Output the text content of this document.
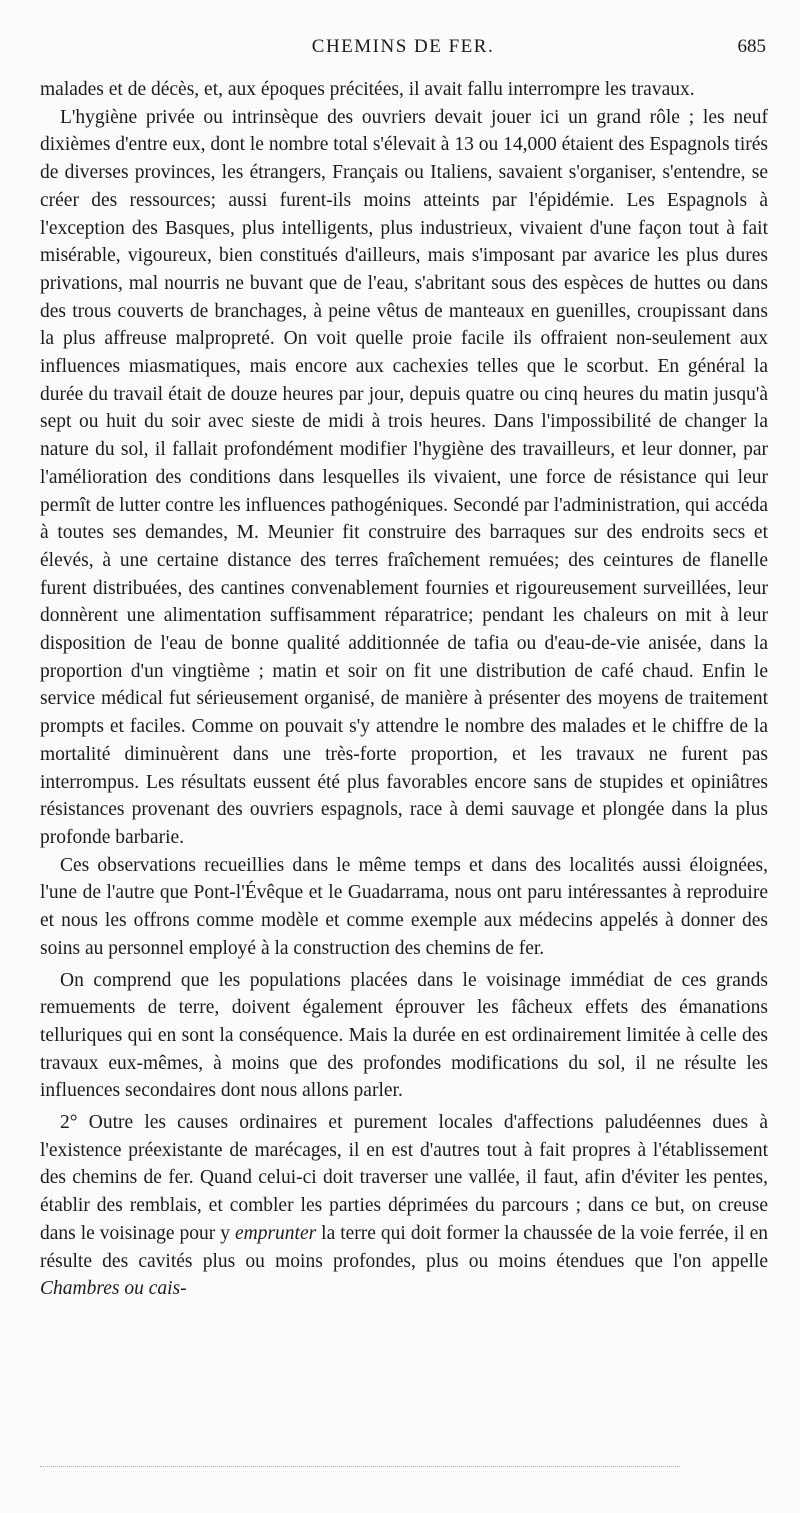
CHEMINS DE FER.	685

malades et de décès, et, aux époques précitées, il avait fallu interrompre les travaux.

L'hygiène privée ou intrinsèque des ouvriers devait jouer ici un grand rôle ; les neuf dixièmes d'entre eux, dont le nombre total s'élevait à 13 ou 14,000 étaient des Espagnols tirés de diverses provinces, les étrangers, Français ou Italiens, savaient s'organiser, s'entendre, se créer des ressources; aussi furent-ils moins atteints par l'épidémie. Les Espagnols à l'exception des Basques, plus intelligents, plus industrieux, vivaient d'une façon tout à fait misérable, vigoureux, bien constitués d'ailleurs, mais s'imposant par avarice les plus dures privations, mal nourris ne buvant que de l'eau, s'abritant sous des espèces de huttes ou dans des trous couverts de branchages, à peine vêtus de manteaux en guenilles, croupissant dans la plus affreuse malpropreté. On voit quelle proie facile ils offraient non-seulement aux influences miasmatiques, mais encore aux cachexies telles que le scorbut. En général la durée du travail était de douze heures par jour, depuis quatre ou cinq heures du matin jusqu'à sept ou huit du soir avec sieste de midi à trois heures. Dans l'impossibilité de changer la nature du sol, il fallait profondément modifier l'hygiène des travailleurs, et leur donner, par l'amélioration des conditions dans lesquelles ils vivaient, une force de résistance qui leur permît de lutter contre les influences pathogéniques. Secondé par l'administration, qui accéda à toutes ses demandes, M. Meunier fit construire des barraques sur des endroits secs et élevés, à une certaine distance des terres fraîchement remuées; des ceintures de flanelle furent distribuées, des cantines convenablement fournies et rigoureusement surveillées, leur donnèrent une alimentation suffisamment réparatrice; pendant les chaleurs on mit à leur disposition de l'eau de bonne qualité additionnée de tafia ou d'eau-de-vie anisée, dans la proportion d'un vingtième ; matin et soir on fit une distribution de café chaud. Enfin le service médical fut sérieusement organisé, de manière à présenter des moyens de traitement prompts et faciles. Comme on pouvait s'y attendre le nombre des malades et le chiffre de la mortalité diminuèrent dans une très-forte proportion, et les travaux ne furent pas interrompus. Les résultats eussent été plus favorables encore sans de stupides et opiniâtres résistances provenant des ouvriers espagnols, race à demi sauvage et plongée dans la plus profonde barbarie.

Ces observations recueillies dans le même temps et dans des localités aussi éloignées, l'une de l'autre que Pont-l'Évêque et le Guadarrama, nous ont paru intéressantes à reproduire et nous les offrons comme modèle et comme exemple aux médecins appelés à donner des soins au personnel employé à la construction des chemins de fer.

On comprend que les populations placées dans le voisinage immédiat de ces grands remuements de terre, doivent également éprouver les fâcheux effets des émanations telluriques qui en sont la conséquence. Mais la durée en est ordinairement limitée à celle des travaux eux-mêmes, à moins que des profondes modifications du sol, il ne résulte les influences secondaires dont nous allons parler.

2° Outre les causes ordinaires et purement locales d'affections paludéennes dues à l'existence préexistante de marécages, il en est d'autres tout à fait propres à l'établissement des chemins de fer. Quand celui-ci doit traverser une vallée, il faut, afin d'éviter les pentes, établir des remblais, et combler les parties déprimées du parcours ; dans ce but, on creuse dans le voisinage pour y emprunter la terre qui doit former la chaussée de la voie ferrée, il en résulte des cavités plus ou moins profondes, plus ou moins étendues que l'on appelle Chambres ou cais-
